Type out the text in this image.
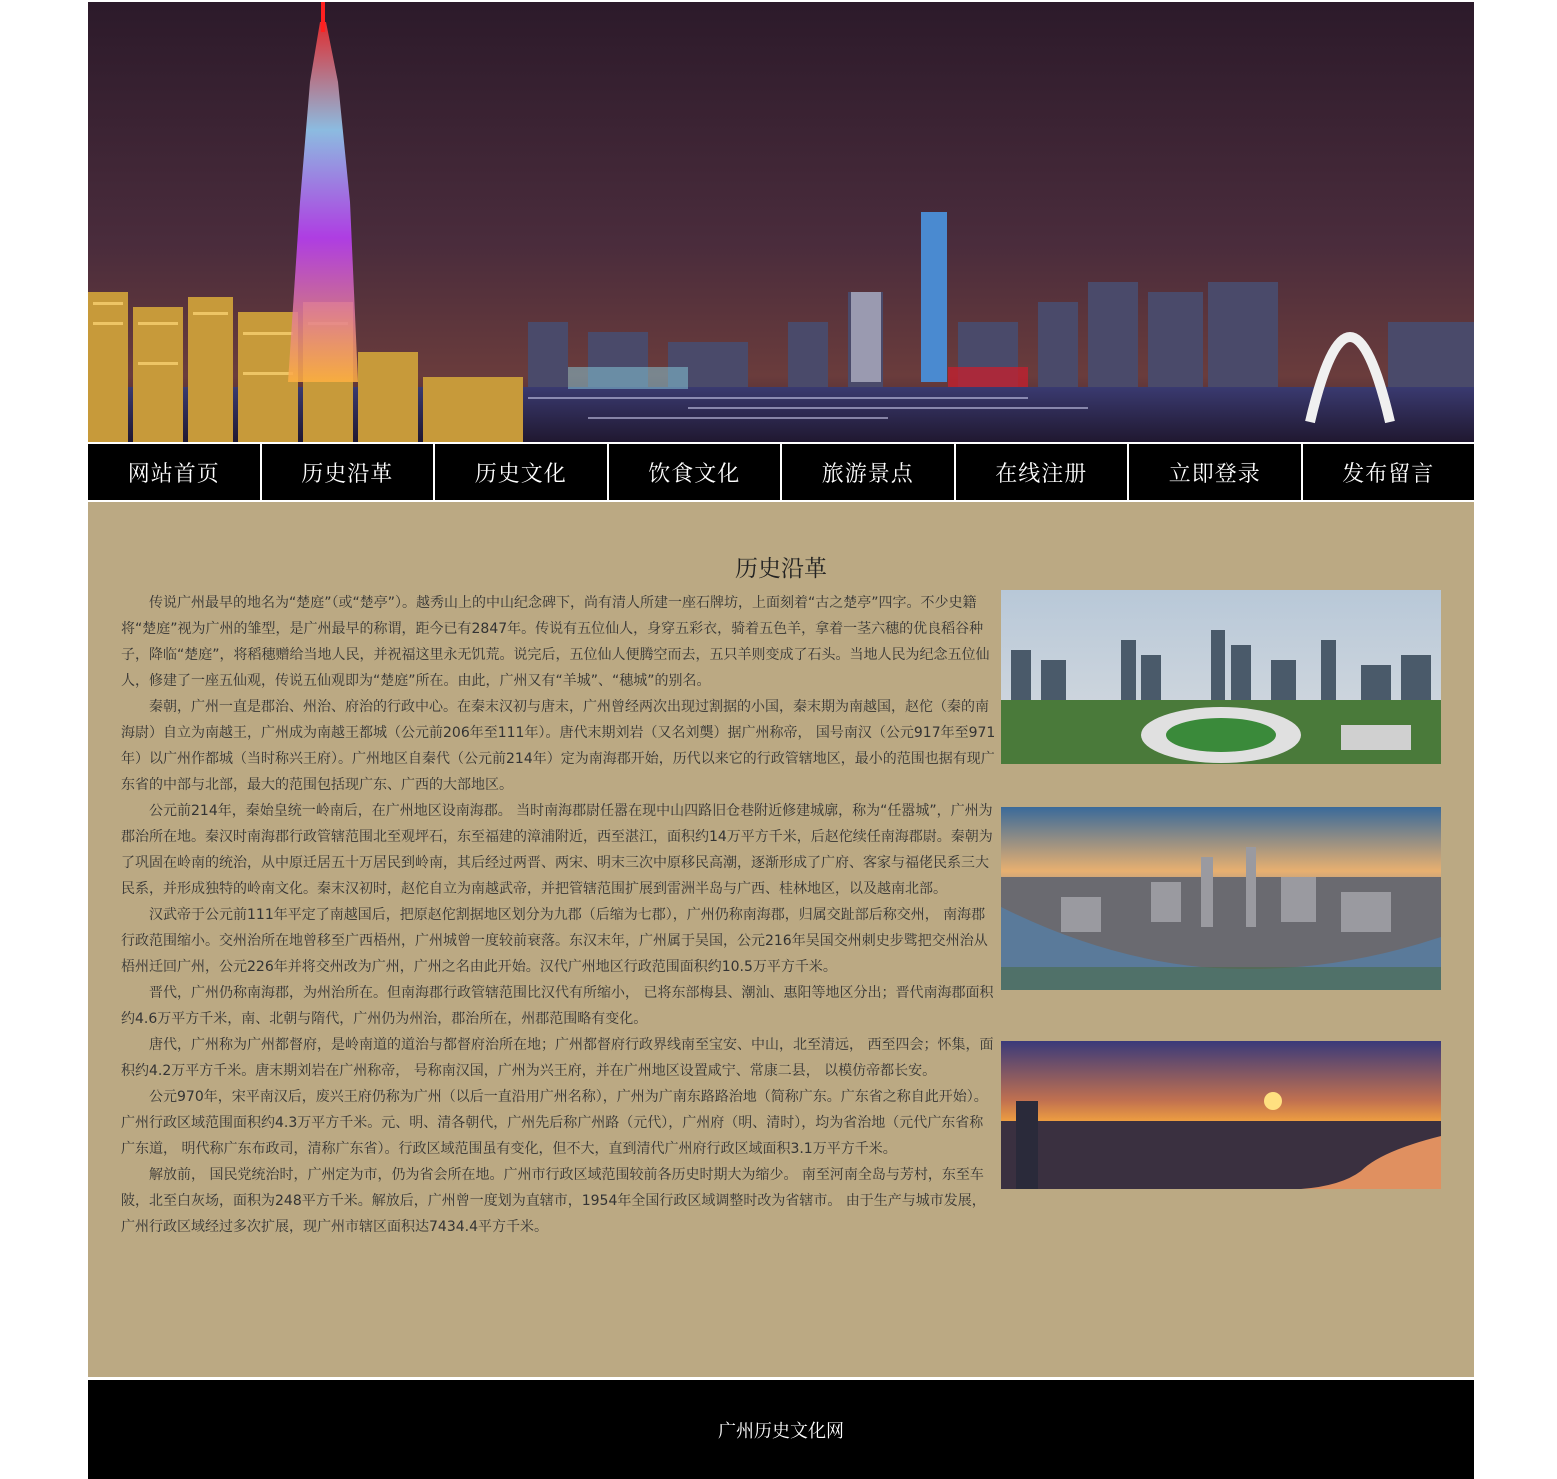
网站首页	历史沿革	历史文化	饮食文化	旅游景点	在线注册	立即登录	发布留言
历史沿革

传说广州最早的地名为“楚庭”（或“楚亭”）。越秀山上的中山纪念碑下，尚有清人所建一座石牌坊，上面刻着“古之楚亭”四字。不少史籍将“楚庭”视为广州的雏型，是广州最早的称谓，距今已有2847年。传说有五位仙人，身穿五彩衣，骑着五色羊，拿着一茎六穗的优良稻谷种子，降临“楚庭”，将稻穗赠给当地人民，并祝福这里永无饥荒。说完后，五位仙人便腾空而去，五只羊则变成了石头。当地人民为纪念五位仙人，修建了一座五仙观，传说五仙观即为“楚庭”所在。由此，广州又有“羊城”、“穗城”的别名。

秦朝，广州一直是郡治、州治、府治的行政中心。在秦末汉初与唐末，广州曾经两次出现过割据的小国，秦末期为南越国，赵佗（秦的南海尉）自立为南越王，广州成为南越王都城（公元前206年至111年）。唐代末期刘岩（又名刘龑）据广州称帝， 国号南汉（公元917年至971年）以广州作都城（当时称兴王府）。广州地区自秦代（公元前214年）定为南海郡开始，历代以来它的行政管辖地区，最小的范围也据有现广东省的中部与北部，最大的范围包括现广东、广西的大部地区。

公元前214年，秦始皇统一岭南后，在广州地区设南海郡。 当时南海郡尉任嚣在现中山四路旧仓巷附近修建城廓，称为“任嚣城”，广州为郡治所在地。秦汉时南海郡行政管辖范围北至观坪石，东至福建的漳浦附近，西至湛江，面积约14万平方千米，后赵佗续任南海郡尉。秦朝为了巩固在岭南的统治，从中原迁居五十万居民到岭南，其后经过两晋、两宋、明末三次中原移民高潮，逐渐形成了广府、客家与福佬民系三大民系，并形成独特的岭南文化。秦末汉初时，赵佗自立为南越武帝，并把管辖范围扩展到雷洲半岛与广西、桂林地区，以及越南北部。

汉武帝于公元前111年平定了南越国后，把原赵佗割据地区划分为九郡（后缩为七郡），广州仍称南海郡，归属交趾部后称交州， 南海郡行政范围缩小。交州治所在地曾移至广西梧州，广州城曾一度较前衰落。东汉末年，广州属于吴国，公元216年吴国交州刺史步骘把交州治从梧州迁回广州，公元226年并将交州改为广州，广州之名由此开始。汉代广州地区行政范围面积约10.5万平方千米。

晋代，广州仍称南海郡，为州治所在。但南海郡行政管辖范围比汉代有所缩小， 已将东部梅县、潮汕、惠阳等地区分出；晋代南海郡面积约4.6万平方千米，南、北朝与隋代，广州仍为州治，郡治所在，州郡范围略有变化。

唐代，广州称为广州都督府，是岭南道的道治与都督府治所在地；广州都督府行政界线南至宝安、中山，北至清远， 西至四会；怀集，面积约4.2万平方千米。唐末期刘岩在广州称帝， 号称南汉国，广州为兴王府，并在广州地区设置咸宁、常康二县， 以模仿帝都长安。

公元970年，宋平南汉后，废兴王府仍称为广州（以后一直沿用广州名称），广州为广南东路路治地（简称广东。广东省之称自此开始）。广州行政区域范围面积约4.3万平方千米。元、明、清各朝代，广州先后称广州路（元代），广州府（明、清时），均为省治地（元代广东省称广东道， 明代称广东布政司，清称广东省）。行政区域范围虽有变化，但不大，直到清代广州府行政区域面积3.1万平方千米。

解放前， 国民党统治时，广州定为市，仍为省会所在地。广州市行政区域范围较前各历史时期大为缩少。 南至河南全岛与芳村，东至车陂，北至白灰场，面积为248平方千米。解放后，广州曾一度划为直辖市，1954年全国行政区域调整时改为省辖市。 由于生产与城市发展，广州行政区域经过多次扩展，现广州市辖区面积达7434.4平方千米。

广州历史文化网
